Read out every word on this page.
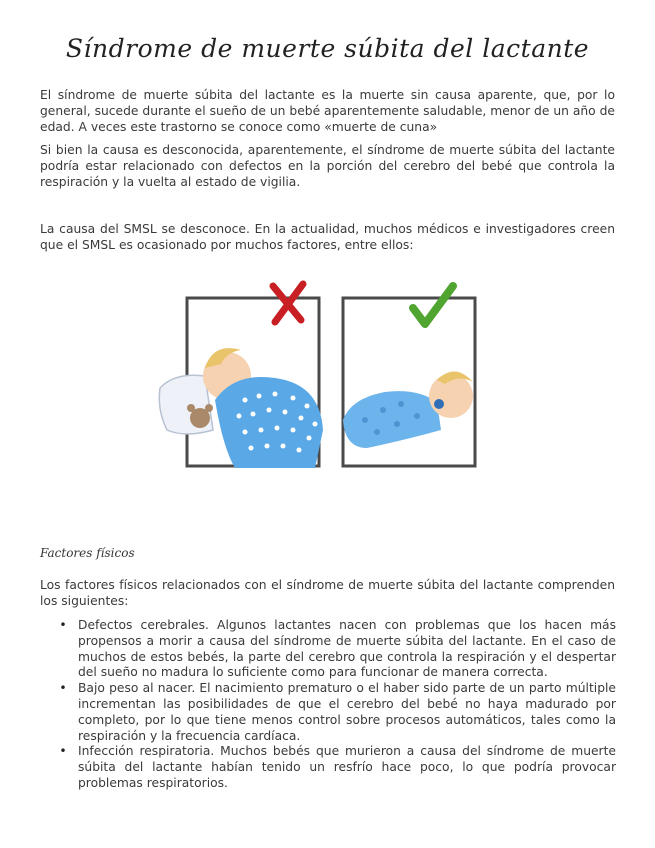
Síndrome de muerte súbita del lactante

El síndrome de muerte súbita del lactante es la muerte sin causa aparente, que, por lo general, sucede durante el sueño de un bebé aparentemente saludable, menor de un año de edad. A veces este trastorno se conoce como «muerte de cuna»

Si bien la causa es desconocida, aparentemente, el síndrome de muerte súbita del lactante podría estar relacionado con defectos en la porción del cerebro del bebé que controla la respiración y la vuelta al estado de vigilia.

La causa del SMSL se desconoce. En la actualidad, muchos médicos e investigadores creen que el SMSL es ocasionado por muchos factores, entre ellos:

Factores físicos

Los factores físicos relacionados con el síndrome de muerte súbita del lactante comprenden los siguientes:

• Defectos cerebrales. Algunos lactantes nacen con problemas que los hacen más propensos a morir a causa del síndrome de muerte súbita del lactante. En el caso de muchos de estos bebés, la parte del cerebro que controla la respiración y el despertar del sueño no madura lo suficiente como para funcionar de manera correcta.
• Bajo peso al nacer. El nacimiento prematuro o el haber sido parte de un parto múltiple incrementan las posibilidades de que el cerebro del bebé no haya madurado por completo, por lo que tiene menos control sobre procesos automáticos, tales como la respiración y la frecuencia cardíaca.
• Infección respiratoria. Muchos bebés que murieron a causa del síndrome de muerte súbita del lactante habían tenido un resfrío hace poco, lo que podría provocar problemas respiratorios.
